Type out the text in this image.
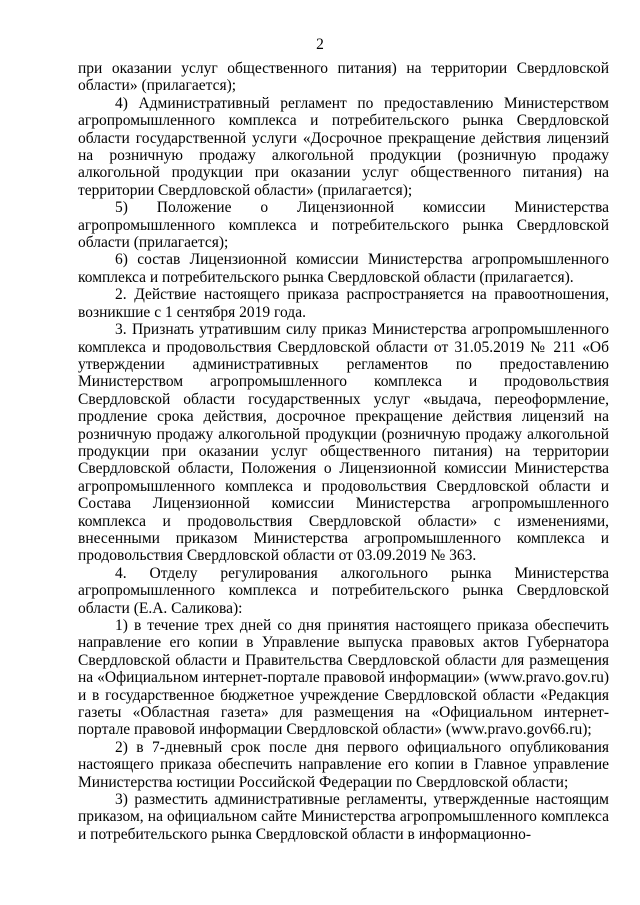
2

при оказании услуг общественного питания) на территории Свердловской области» (прилагается);

4) Административный регламент по предоставлению Министерством агропромышленного комплекса и потребительского рынка Свердловской области государственной услуги «Досрочное прекращение действия лицензий на розничную продажу алкогольной продукции (розничную продажу алкогольной продукции при оказании услуг общественного питания) на территории Свердловской области» (прилагается);

5) Положение о Лицензионной комиссии Министерства агропромышленного комплекса и потребительского рынка Свердловской области (прилагается);

6) состав Лицензионной комиссии Министерства агропромышленного комплекса и потребительского рынка Свердловской области (прилагается).

2. Действие настоящего приказа распространяется на правоотношения, возникшие с 1 сентября 2019 года.

3. Признать утратившим силу приказ Министерства агропромышленного комплекса и продовольствия Свердловской области от 31.05.2019 № 211 «Об утверждении административных регламентов по предоставлению Министерством агропромышленного комплекса и продовольствия Свердловской области государственных услуг «выдача, переоформление, продление срока действия, досрочное прекращение действия лицензий на розничную продажу алкогольной продукции (розничную продажу алкогольной продукции при оказании услуг общественного питания) на территории Свердловской области, Положения о Лицензионной комиссии Министерства агропромышленного комплекса и продовольствия Свердловской области и Состава Лицензионной комиссии Министерства агропромышленного комплекса и продовольствия Свердловской области» с изменениями, внесенными приказом Министерства агропромышленного комплекса и продовольствия Свердловской области от 03.09.2019 № 363.

4. Отделу регулирования алкогольного рынка Министерства агропромышленного комплекса и потребительского рынка Свердловской области (Е.А. Саликова):

1) в течение трех дней со дня принятия настоящего приказа обеспечить направление его копии в Управление выпуска правовых актов Губернатора Свердловской области и Правительства Свердловской области для размещения на «Официальном интернет-портале правовой информации» (www.pravo.gov.ru) и в государственное бюджетное учреждение Свердловской области «Редакция газеты «Областная газета» для размещения на «Официальном интернет-портале правовой информации Свердловской области» (www.pravo.gov66.ru);

2) в 7-дневный срок после дня первого официального опубликования настоящего приказа обеспечить направление его копии в Главное управление Министерства юстиции Российской Федерации по Свердловской области;

3) разместить административные регламенты, утвержденные настоящим приказом, на официальном сайте Министерства агропромышленного комплекса и потребительского рынка Свердловской области в информационно-
